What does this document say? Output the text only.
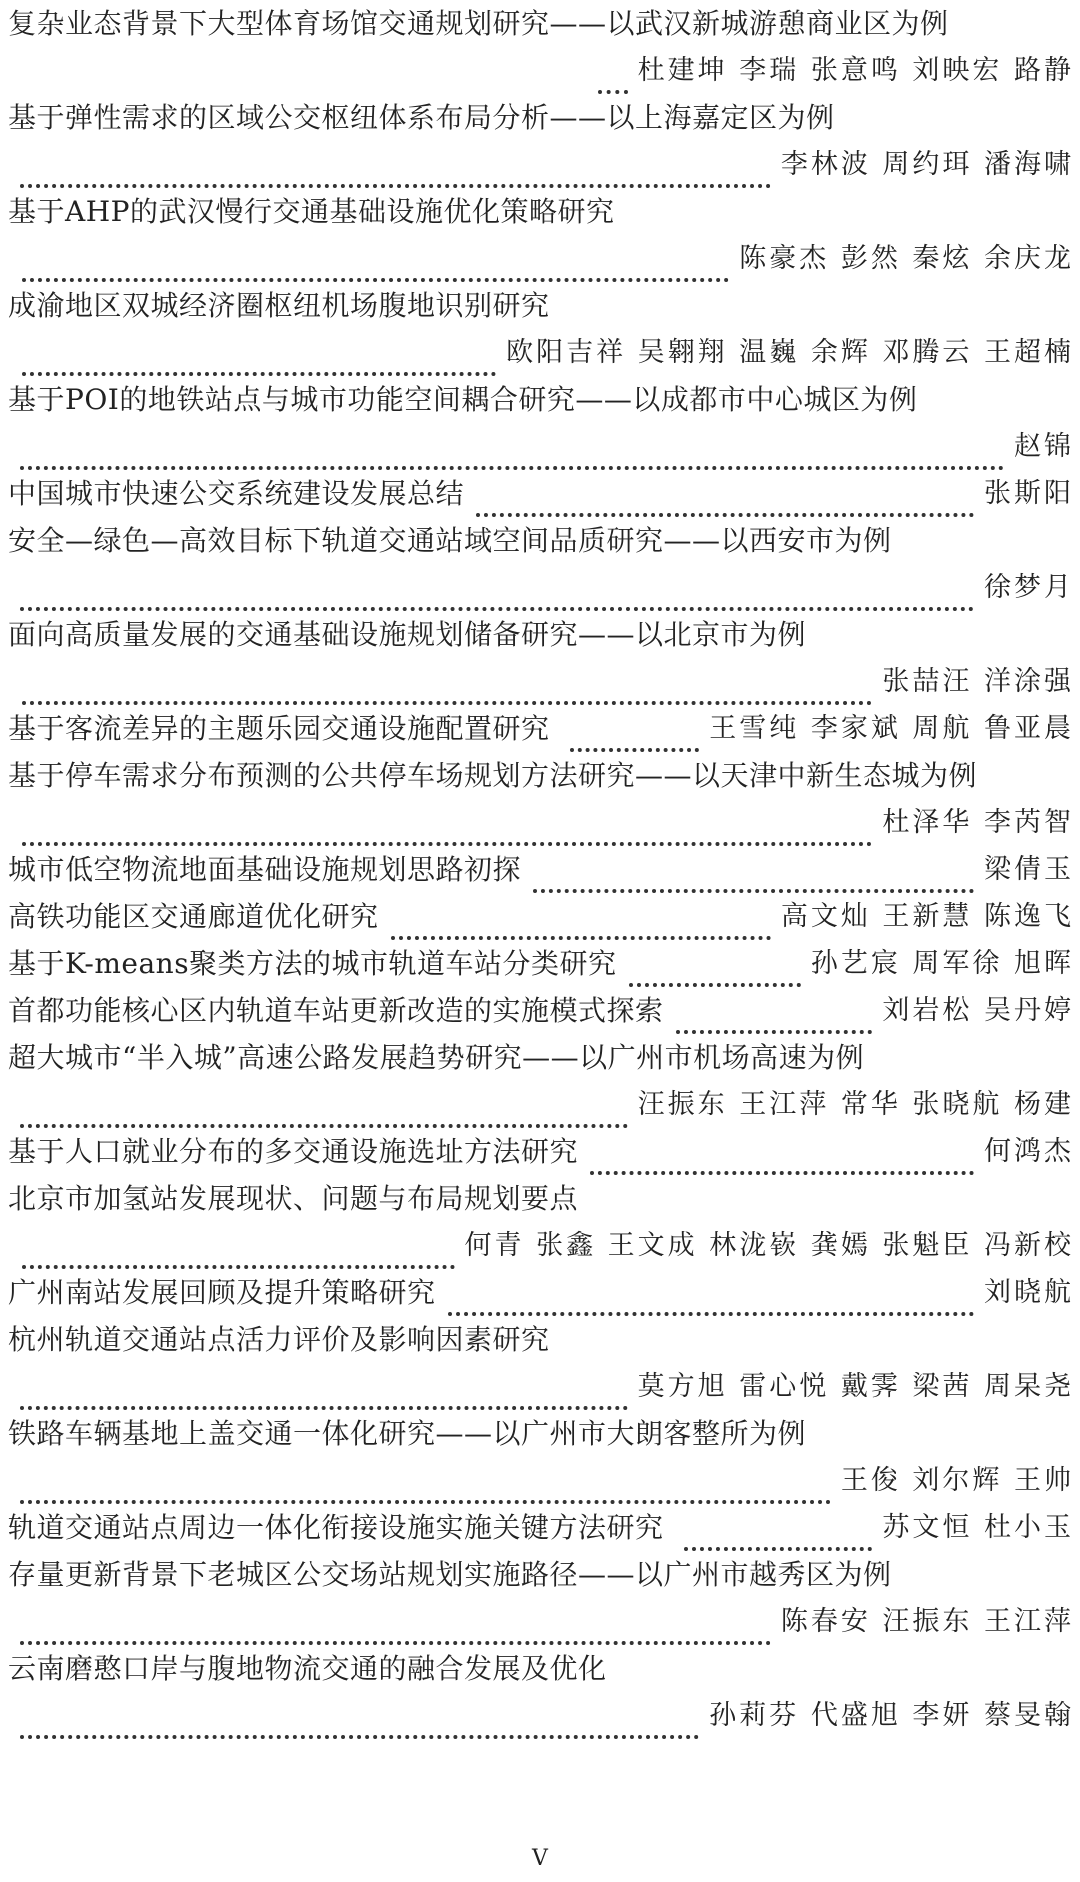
复杂业态背景下大型体育场馆交通规划研究——以武汉新城游憩商业区为例
杜建坤 李瑞 张意鸣 刘映宏 路静
基于弹性需求的区域公交枢纽体系布局分析——以上海嘉定区为例
李林波 周约珥 潘海啸
基于AHP的武汉慢行交通基础设施优化策略研究
陈豪杰 彭然 秦炫 余庆龙
成渝地区双城经济圈枢纽机场腹地识别研究
欧阳吉祥 吴翱翔 温巍 余辉 邓腾云 王超楠
基于POI的地铁站点与城市功能空间耦合研究——以成都市中心城区为例
赵锦
中国城市快速公交系统建设发展总结	张斯阳
安全—绿色—高效目标下轨道交通站域空间品质研究——以西安市为例
徐梦月
面向高质量发展的交通基础设施规划储备研究——以北京市为例
张喆汪 洋涂强
基于客流差异的主题乐园交通设施配置研究	王雪纯 李家斌 周航 鲁亚晨
基于停车需求分布预测的公共停车场规划方法研究——以天津中新生态城为例
杜泽华 李芮智
城市低空物流地面基础设施规划思路初探	梁倩玉
高铁功能区交通廊道优化研究	高文灿 王新慧 陈逸飞
基于K-means聚类方法的城市轨道车站分类研究	孙艺宸 周军徐 旭晖
首都功能核心区内轨道车站更新改造的实施模式探索	刘岩松 吴丹婷
超大城市“半入城”高速公路发展趋势研究——以广州市机场高速为例
汪振东 王江萍 常华 张晓航 杨建
基于人口就业分布的多交通设施选址方法研究	何鸿杰
北京市加氢站发展现状、问题与布局规划要点
何青 张鑫 王文成 林泷嵚 龚嫣 张魁臣 冯新校
广州南站发展回顾及提升策略研究	刘晓航
杭州轨道交通站点活力评价及影响因素研究
莫方旭 雷心悦 戴霁 梁茜 周杲尧
铁路车辆基地上盖交通一体化研究——以广州市大朗客整所为例
王俊 刘尔辉 王帅
轨道交通站点周边一体化衔接设施实施关键方法研究	苏文恒 杜小玉
存量更新背景下老城区公交场站规划实施路径——以广州市越秀区为例
陈春安 汪振东 王江萍
云南磨憨口岸与腹地物流交通的融合发展及优化
孙莉芬 代盛旭 李妍 蔡旻翰
V
